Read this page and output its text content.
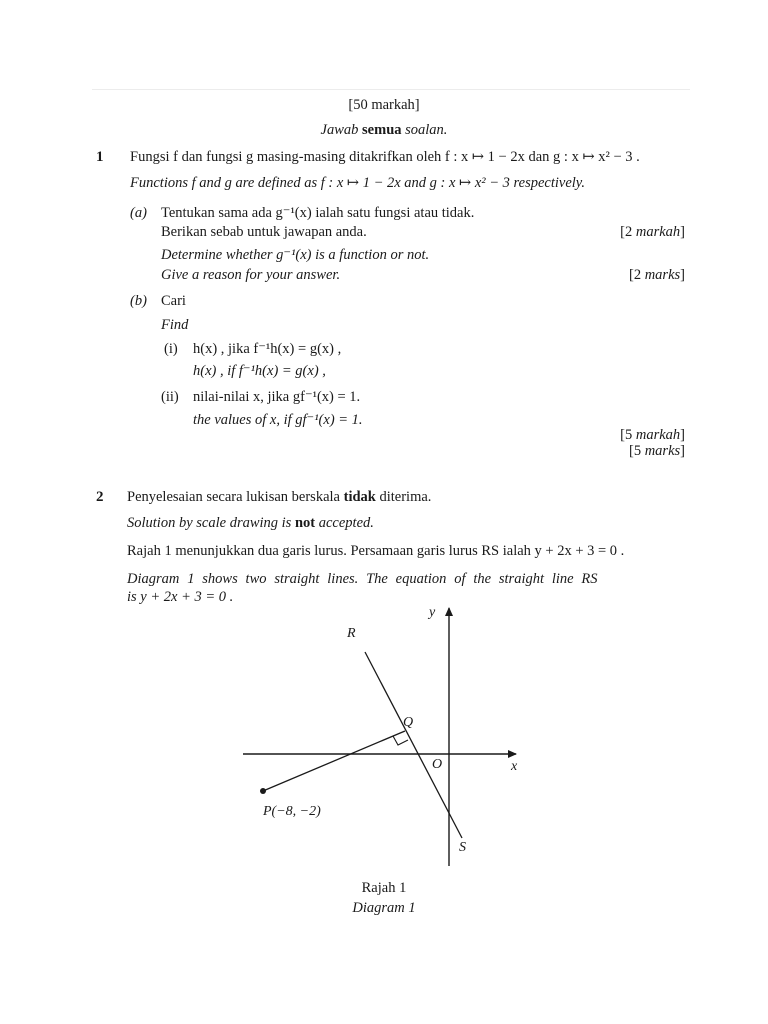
[50 markah]
Jawab semua soalan.
1 Fungsi f dan fungsi g masing-masing ditakrifkan oleh f : x ↦ 1 − 2x dan g : x ↦ x² − 3 .
Functions f and g are defined as f : x ↦ 1 − 2x and g : x ↦ x² − 3 respectively.
(a) Tentukan sama ada g⁻¹(x) ialah satu fungsi atau tidak.
Berikan sebab untuk jawapan anda.	[2 markah]
Determine whether g⁻¹(x) is a function or not.
Give a reason for your answer.	[2 marks]
(b) Cari
Find
(i) h(x) , jika f⁻¹h(x) = g(x) ,
h(x) , if f⁻¹h(x) = g(x) ,
(ii) nilai-nilai x, jika gf⁻¹(x) = 1.
the values of x, if gf⁻¹(x) = 1.
[5 markah]
[5 marks]
2 Penyelesaian secara lukisan berskala tidak diterima.
Solution by scale drawing is not accepted.
Rajah 1 menunjukkan dua garis lurus. Persamaan garis lurus RS ialah y + 2x + 3 = 0 .
Diagram 1 shows two straight lines. The equation of the straight line RS
is y + 2x + 3 = 0 .
y
x
R
Q
O
S
P(−8, −2)
Rajah 1
Diagram 1
